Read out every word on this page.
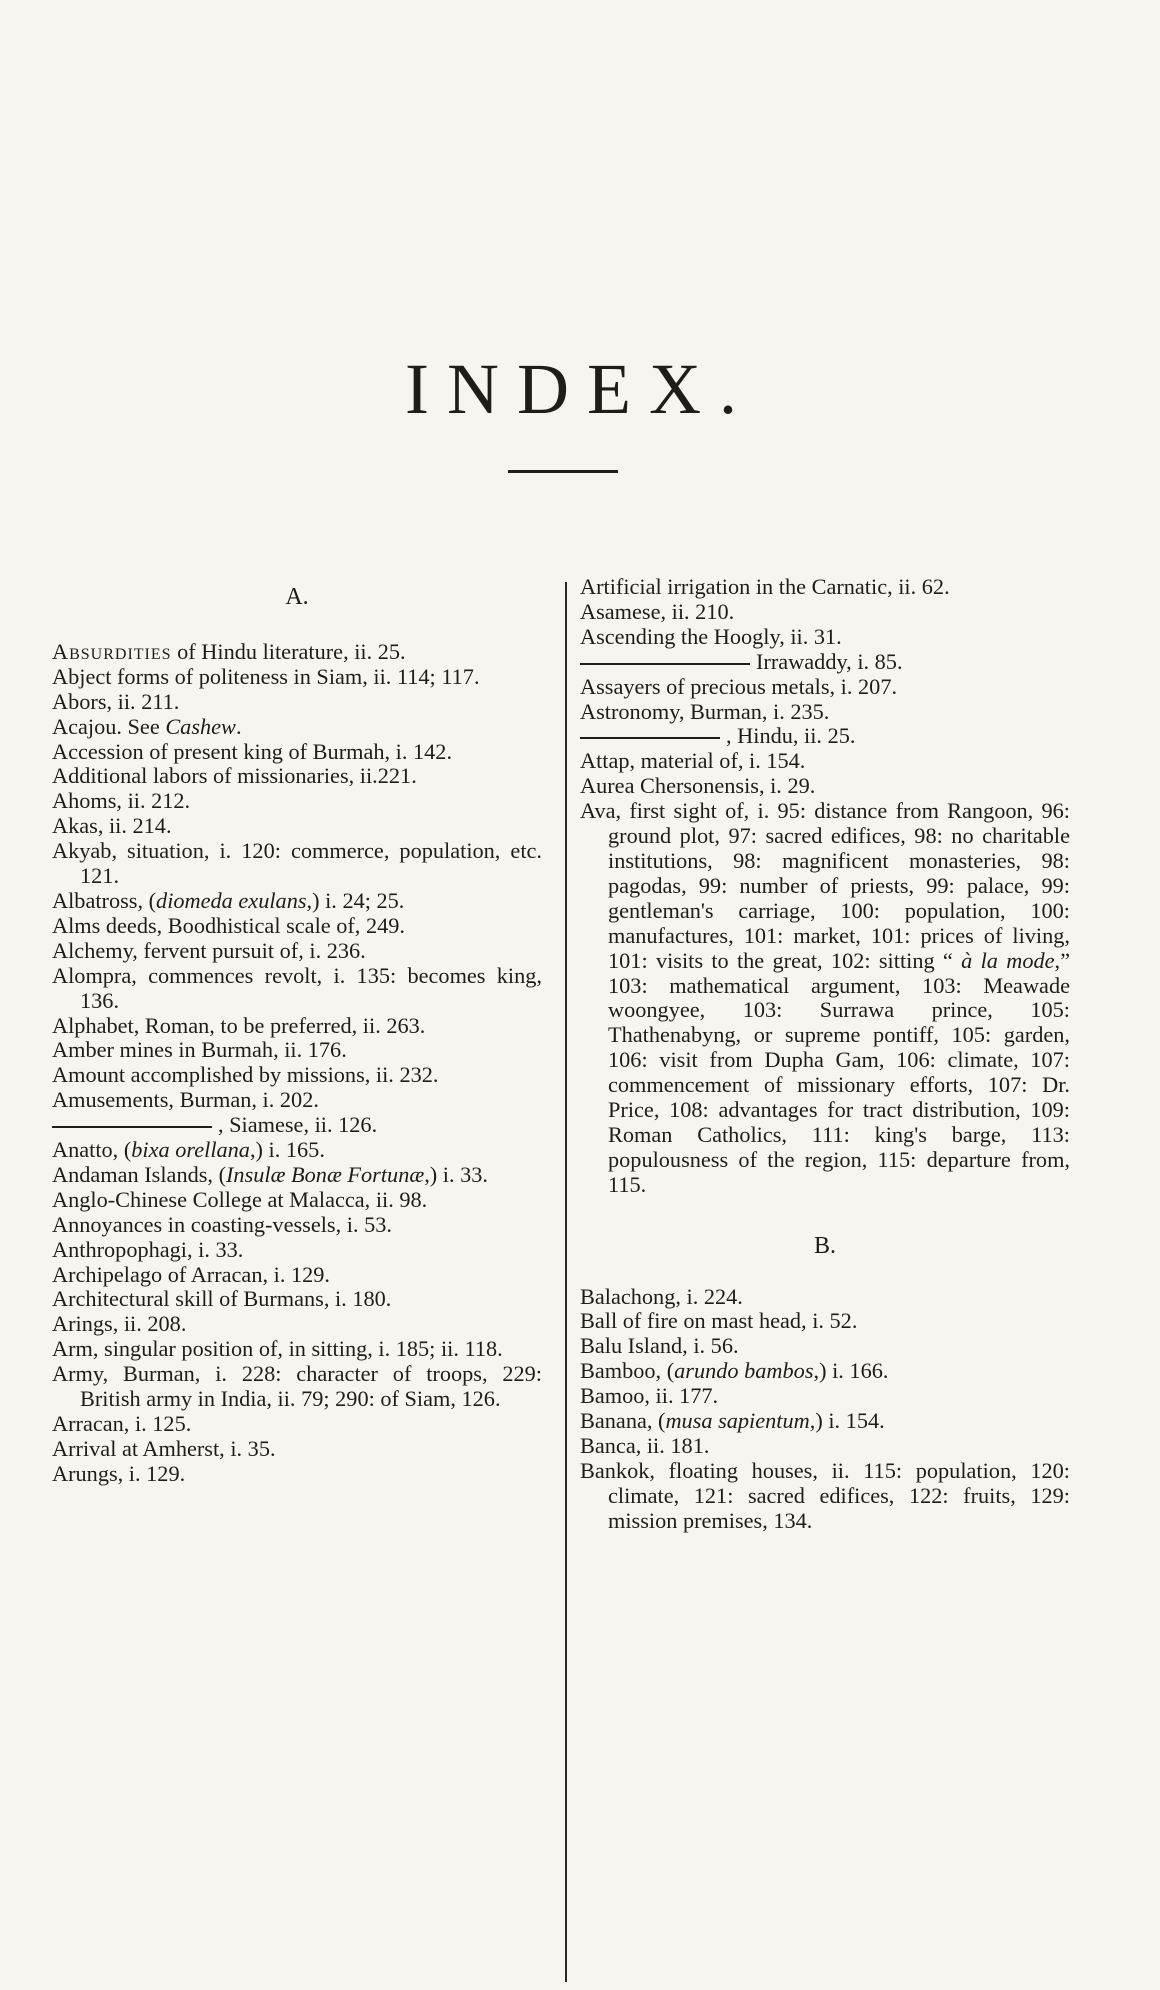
INDEX.
A.

Absurdities of Hindu literature, ii. 25.

Abject forms of politeness in Siam, ii. 114; 117.

Abors, ii. 211.

Acajou. See Cashew.

Accession of present king of Burmah, i. 142.

Additional labors of missionaries, ii.221.

Ahoms, ii. 212.

Akas, ii. 214.

Akyab, situation, i. 120: commerce, population, etc. 121.

Albatross, (diomeda exulans,) i. 24; 25.

Alms deeds, Boodhistical scale of, 249.

Alchemy, fervent pursuit of, i. 236.

Alompra, commences revolt, i. 135: becomes king, 136.

Alphabet, Roman, to be preferred, ii. 263.

Amber mines in Burmah, ii. 176.

Amount accomplished by missions, ii. 232.

Amusements, Burman, i. 202.

, Siamese, ii. 126.

Anatto, (bixa orellana,) i. 165.

Andaman Islands, (Insulæ Bonæ Fortunæ,) i. 33.

Anglo-Chinese College at Malacca, ii. 98.

Annoyances in coasting-vessels, i. 53.

Anthropophagi, i. 33.

Archipelago of Arracan, i. 129.

Architectural skill of Burmans, i. 180.

Arings, ii. 208.

Arm, singular position of, in sitting, i. 185; ii. 118.

Army, Burman, i. 228: character of troops, 229: British army in India, ii. 79; 290: of Siam, 126.

Arracan, i. 125.

Arrival at Amherst, i. 35.

Arungs, i. 129.

Artificial irrigation in the Carnatic, ii. 62.

Asamese, ii. 210.

Ascending the Hoogly, ii. 31.

Irrawaddy, i. 85.

Assayers of precious metals, i. 207.

Astronomy, Burman, i. 235.

, Hindu, ii. 25.

Attap, material of, i. 154.

Aurea Chersonensis, i. 29.

Ava, first sight of, i. 95: distance from Rangoon, 96: ground plot, 97: sacred edifices, 98: no charitable institutions, 98: magnificent monasteries, 98: pagodas, 99: number of priests, 99: palace, 99: gentleman's carriage, 100: population, 100: manufactures, 101: market, 101: prices of living, 101: visits to the great, 102: sitting “ à la mode,” 103: mathematical argument, 103: Meawade woongyee, 103: Surrawa prince, 105: Thathenabyng, or supreme pontiff, 105: garden, 106: visit from Dupha Gam, 106: climate, 107: commencement of missionary efforts, 107: Dr. Price, 108: advantages for tract distribution, 109: Roman Catholics, 111: king's barge, 113: populousness of the region, 115: departure from, 115.

B.

Balachong, i. 224.

Ball of fire on mast head, i. 52.

Balu Island, i. 56.

Bamboo, (arundo bambos,) i. 166.

Bamoo, ii. 177.

Banana, (musa sapientum,) i. 154.

Banca, ii. 181.

Bankok, floating houses, ii. 115: population, 120: climate, 121: sacred edifices, 122: fruits, 129: mission premises, 134.
